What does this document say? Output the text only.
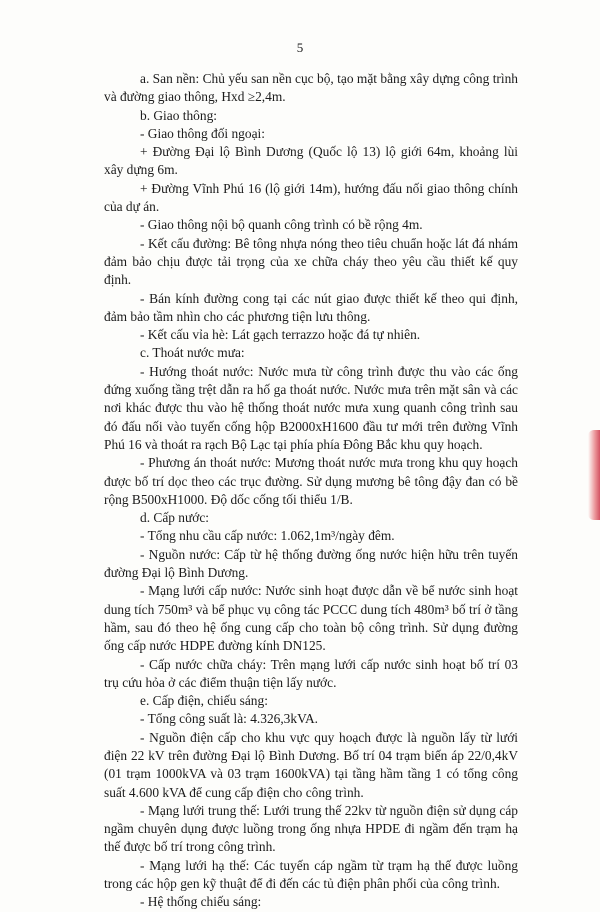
5

a. San nền: Chủ yếu san nền cục bộ, tạo mặt bằng xây dựng công trình và đường giao thông, Hxd ≥2,4m.

b. Giao thông:

- Giao thông đối ngoại:

+ Đường Đại lộ Bình Dương (Quốc lộ 13) lộ giới 64m, khoảng lùi xây dựng 6m.

+ Đường Vĩnh Phú 16 (lộ giới 14m), hướng đấu nối giao thông chính của dự án.

- Giao thông nội bộ quanh công trình có bề rộng 4m.

- Kết cấu đường: Bê tông nhựa nóng theo tiêu chuẩn hoặc lát đá nhám đảm bảo chịu được tải trọng của xe chữa cháy theo yêu cầu thiết kế quy định.

- Bán kính đường cong tại các nút giao được thiết kế theo qui định, đảm bảo tầm nhìn cho các phương tiện lưu thông.

- Kết cấu vỉa hè: Lát gạch terrazzo hoặc đá tự nhiên.

c. Thoát nước mưa:

- Hướng thoát nước: Nước mưa từ công trình được thu vào các ống đứng xuống tầng trệt dẫn ra hố ga thoát nước. Nước mưa trên mặt sân và các nơi khác được thu vào hệ thống thoát nước mưa xung quanh công trình sau đó đấu nối vào tuyến cống hộp B2000xH1600 đầu tư mới trên đường Vĩnh Phú 16 và thoát ra rạch Bộ Lạc tại phía phía Đông Bắc khu quy hoạch.

- Phương án thoát nước: Mương thoát nước mưa trong khu quy hoạch được bố trí dọc theo các trục đường. Sử dụng mương bê tông đậy đan có bề rộng B500xH1000. Độ dốc cống tối thiểu 1/B.

d. Cấp nước:

- Tổng nhu cầu cấp nước: 1.062,1m³/ngày đêm.

- Nguồn nước: Cấp từ hệ thống đường ống nước hiện hữu trên tuyến đường Đại lộ Bình Dương.

- Mạng lưới cấp nước: Nước sinh hoạt được dẫn về bể nước sinh hoạt dung tích 750m³ và bể phục vụ công tác PCCC dung tích 480m³ bố trí ở tầng hầm, sau đó theo hệ ống cung cấp cho toàn bộ công trình. Sử dụng đường ống cấp nước HDPE đường kính DN125.

- Cấp nước chữa cháy: Trên mạng lưới cấp nước sinh hoạt bố trí 03 trụ cứu hỏa ở các điểm thuận tiện lấy nước.

e. Cấp điện, chiếu sáng:

- Tổng công suất là: 4.326,3kVA.

- Nguồn điện cấp cho khu vực quy hoạch được là nguồn lấy từ lưới điện 22 kV trên đường Đại lộ Bình Dương. Bố trí 04 trạm biến áp 22/0,4kV (01 trạm 1000kVA và 03 trạm 1600kVA) tại tầng hầm tầng 1 có tổng công suất 4.600 kVA để cung cấp điện cho công trình.

- Mạng lưới trung thế: Lưới trung thế 22kv từ nguồn điện sử dụng cáp ngầm chuyên dụng được luồng trong ống nhựa HPDE đi ngầm đến trạm hạ thế được bố trí trong công trình.

- Mạng lưới hạ thế: Các tuyến cáp ngầm từ trạm hạ thế được luồng trong các hộp gen kỹ thuật để đi đến các tủ điện phân phối của công trình.

- Hệ thống chiếu sáng:
